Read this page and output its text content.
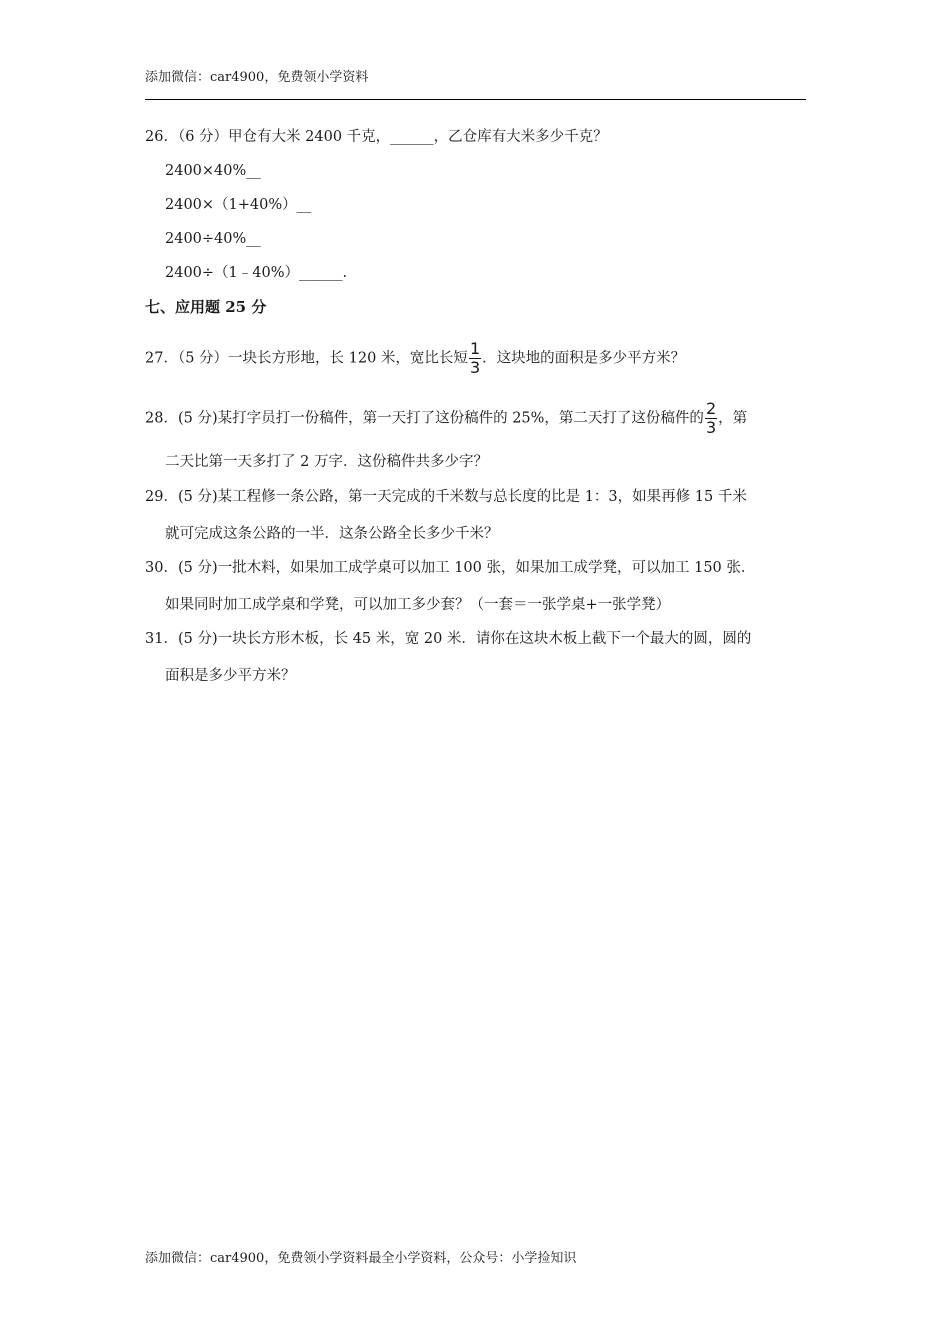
添加微信：car4900，免费领小学资料
26．（6 分）甲仓有大米 2400 千克，______，乙仓库有大米多少千克？
2400×40%__
2400×（1+40%）__
2400÷40%__
2400÷（1﹣40%）______.
七、应用题 25 分
27．（5 分）一块长方形地，长 120 米，宽比长短 $\frac{1}{3}$ ．这块地的面积是多少平方米？
28．(5 分)某打字员打一份稿件，第一天打了这份稿件的 25%，第二天打了这份稿件的 $\frac{2}{3}$ ，第
二天比第一天多打了 2 万字．这份稿件共多少字？
29．(5 分)某工程修一条公路，第一天完成的千米数与总长度的比是 1：3，如果再修 15 千米
就可完成这条公路的一半．这条公路全长多少千米？
30．(5 分)一批木料，如果加工成学桌可以加工 100 张，如果加工成学凳，可以加工 150 张．
如果同时加工成学桌和学凳，可以加工多少套？（一套＝一张学桌+一张学凳）
31．(5 分)一块长方形木板，长 45 米，宽 20 米．请你在这块木板上截下一个最大的圆，圆的
面积是多少平方米？
添加微信：car4900，免费领小学资料最全小学资料，公众号：小学捡知识
